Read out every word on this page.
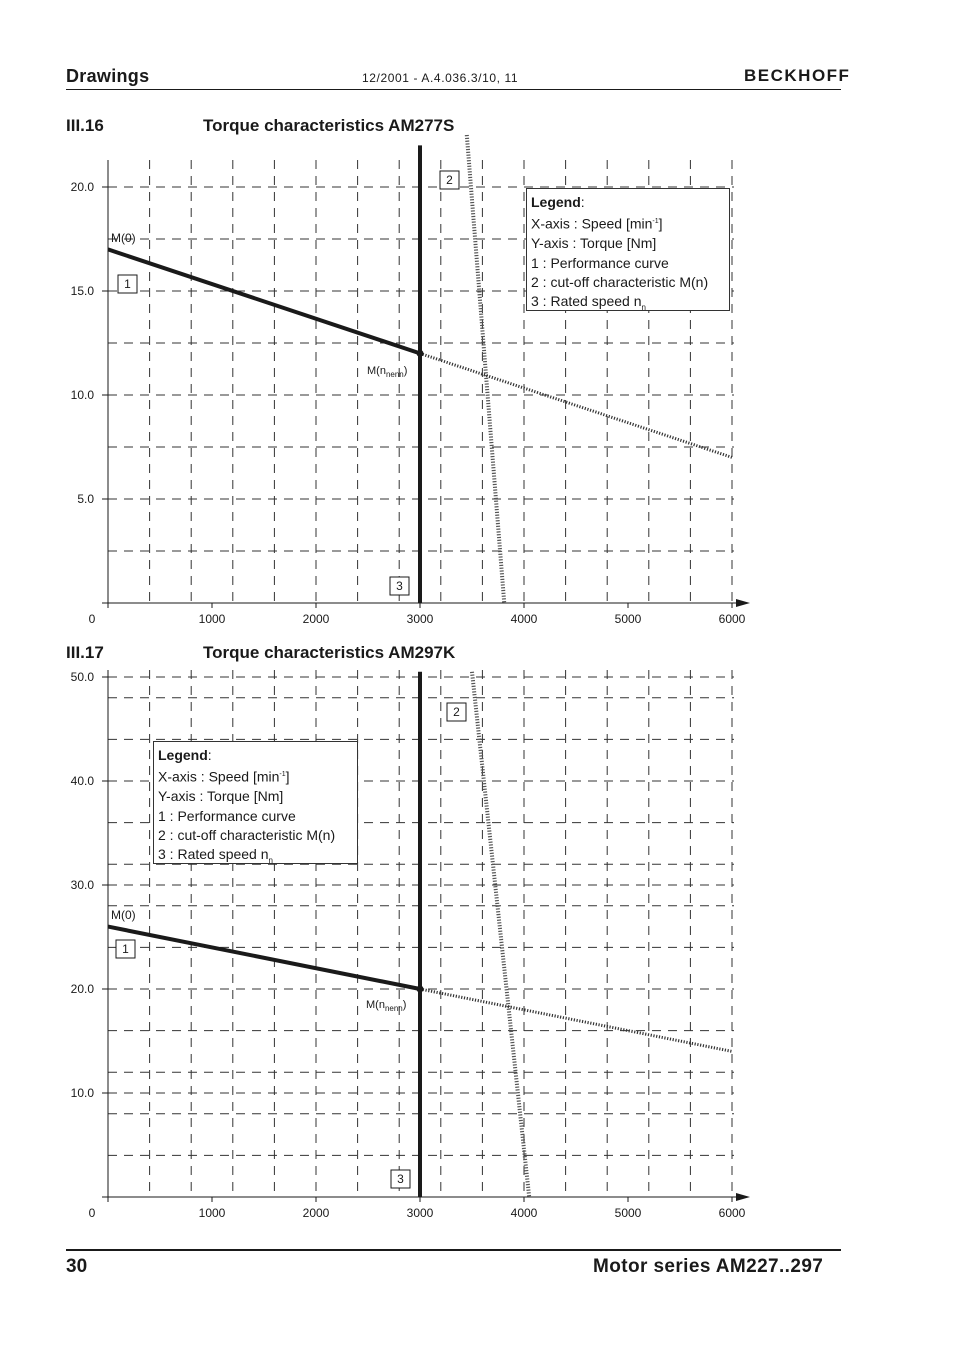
Drawings	12/2001 - A.4.036.3/10, 11	BECKHOFF
III.16	Torque characteristics AM277S
III.17	Torque characteristics AM297K
0	1000	2000	3000	4000	5000	6000
5.0
10.0
15.0
20.0
1
2
3
M(0)
$M(n_{nenn})$
0	1000	2000	3000	4000	5000	6000
10.0
20.0
30.0
40.0
50.0
1
2
3
M(0)
$M(n_{nenn})$
Legend:
X-axis : Speed $[\min^{-1}]$
Y-axis : Torque [Nm]
1 : Performance curve
2 : cut-off characteristic M(n)
3 : Rated speed $n_n$
Legend:
X-axis : Speed $[\min^{-1}]$
Y-axis : Torque [Nm]
1 : Performance curve
2 : cut-off characteristic M(n)
3 : Rated speed $n_n$
30	Motor series AM227..297
